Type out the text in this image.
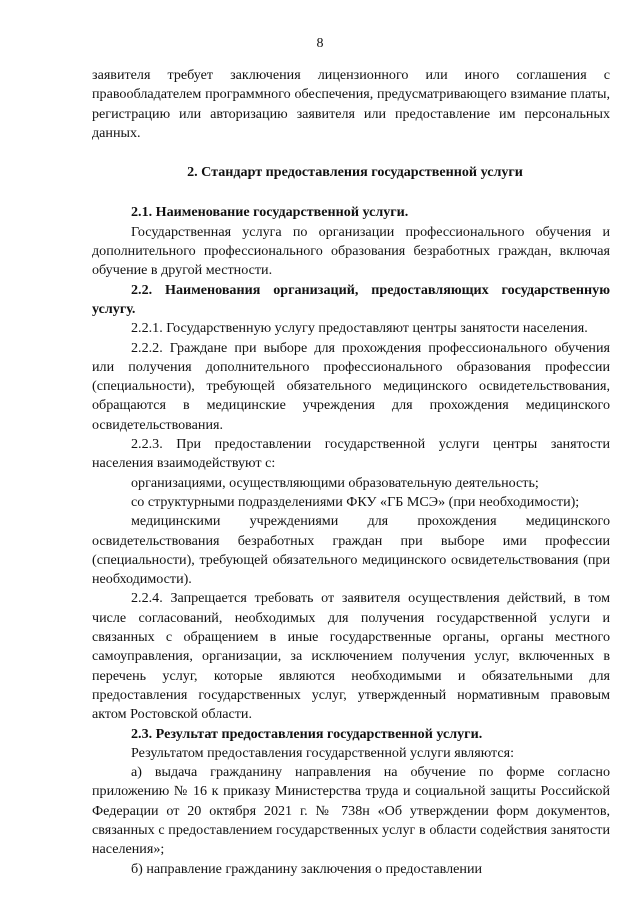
8

заявителя требует заключения лицензионного или иного соглашения с правообладателем программного обеспечения, предусматривающего взимание платы, регистрацию или авторизацию заявителя или предоставление им персональных данных.

2. Стандарт предоставления государственной услуги

2.1. Наименование государственной услуги.

Государственная услуга по организации профессионального обучения и дополнительного профессионального образования безработных граждан, включая обучение в другой местности.

2.2. Наименования организаций, предоставляющих государственную услугу.

2.2.1. Государственную услугу предоставляют центры занятости населения.

2.2.2. Граждане при выборе для прохождения профессионального обучения или получения дополнительного профессионального образования профессии (специальности), требующей обязательного медицинского освидетельствования, обращаются в медицинские учреждения для прохождения медицинского освидетельствования.

2.2.3. При предоставлении государственной услуги центры занятости населения взаимодействуют с:

организациями, осуществляющими образовательную деятельность;

со структурными подразделениями ФКУ «ГБ МСЭ» (при необходимости);

медицинскими учреждениями для прохождения медицинского освидетельствования безработных граждан при выборе ими профессии (специальности), требующей обязательного медицинского освидетельствования (при необходимости).

2.2.4. Запрещается требовать от заявителя осуществления действий, в том числе согласований, необходимых для получения государственной услуги и связанных с обращением в иные государственные органы, органы местного самоуправления, организации, за исключением получения услуг, включенных в перечень услуг, которые являются необходимыми и обязательными для предоставления государственных услуг, утвержденный нормативным правовым актом Ростовской области.

2.3. Результат предоставления государственной услуги.

Результатом предоставления государственной услуги являются:

а) выдача гражданину направления на обучение по форме согласно приложению № 16 к приказу Министерства труда и социальной защиты Российской Федерации от 20 октября 2021 г. № 738н «Об утверждении форм документов, связанных с предоставлением государственных услуг в области содействия занятости населения»;

б) направление гражданину заключения о предоставлении
